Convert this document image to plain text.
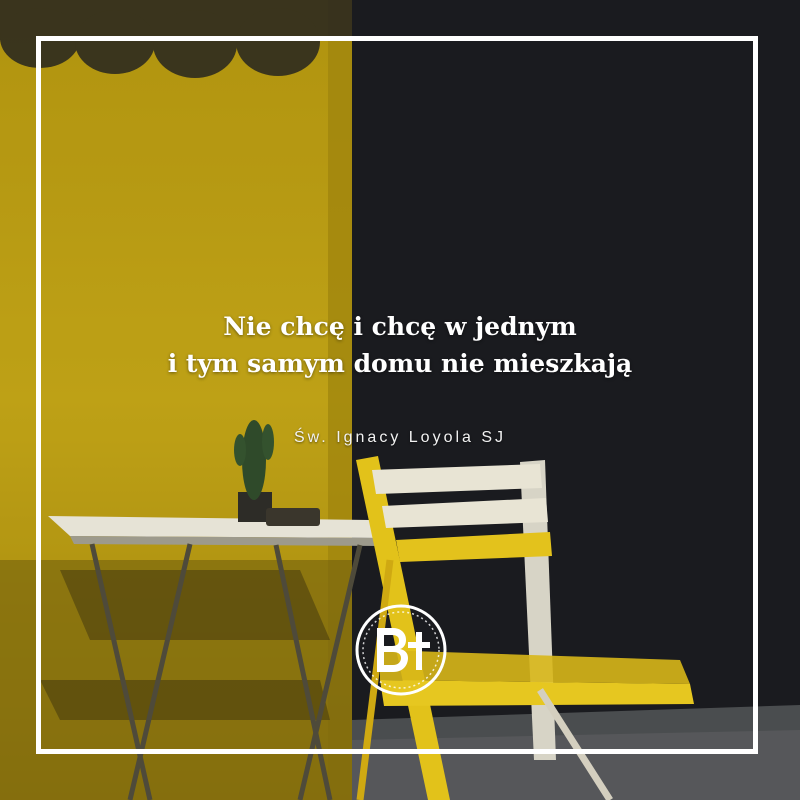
Nie chcę i chcę w jednym
i tym samym domu nie mieszkają
Św. Ignacy Loyola SJ
